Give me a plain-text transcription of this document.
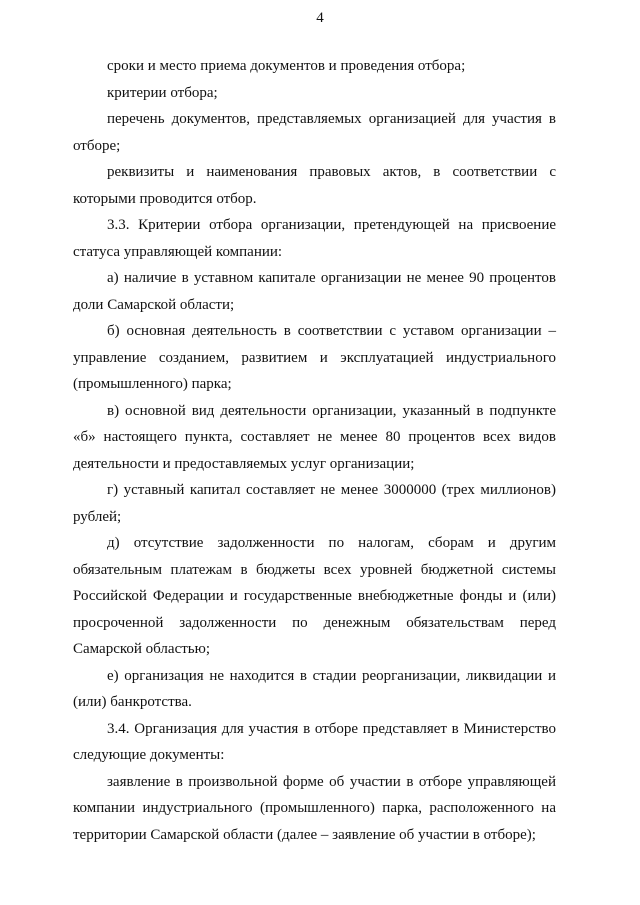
4

сроки и место приема документов и проведения отбора;

критерии отбора;

перечень документов, представляемых организацией для участия в отборе;

реквизиты и наименования правовых актов, в соответствии с которыми проводится отбор.

3.3. Критерии отбора организации, претендующей на присвоение статуса управляющей компании:

а) наличие в уставном капитале организации не менее 90 процентов доли Самарской области;

б) основная деятельность в соответствии с уставом организации – управление созданием, развитием и эксплуатацией индустриального (промышленного) парка;

в) основной вид деятельности организации, указанный в подпункте «б» настоящего пункта, составляет не менее 80 процентов всех видов деятельности и предоставляемых услуг организации;

г) уставный капитал составляет не менее 3000000 (трех миллионов) рублей;

д) отсутствие задолженности по налогам, сборам и другим обязательным платежам в бюджеты всех уровней бюджетной системы Российской Федерации и государственные внебюджетные фонды и (или) просроченной задолженности по денежным обязательствам перед Самарской областью;

е) организация не находится в стадии реорганизации, ликвидации и (или) банкротства.

3.4. Организация для участия в отборе представляет в Министерство следующие документы:

заявление в произвольной форме об участии в отборе управляющей компании индустриального (промышленного) парка, расположенного на территории Самарской области (далее – заявление об участии в отборе);
